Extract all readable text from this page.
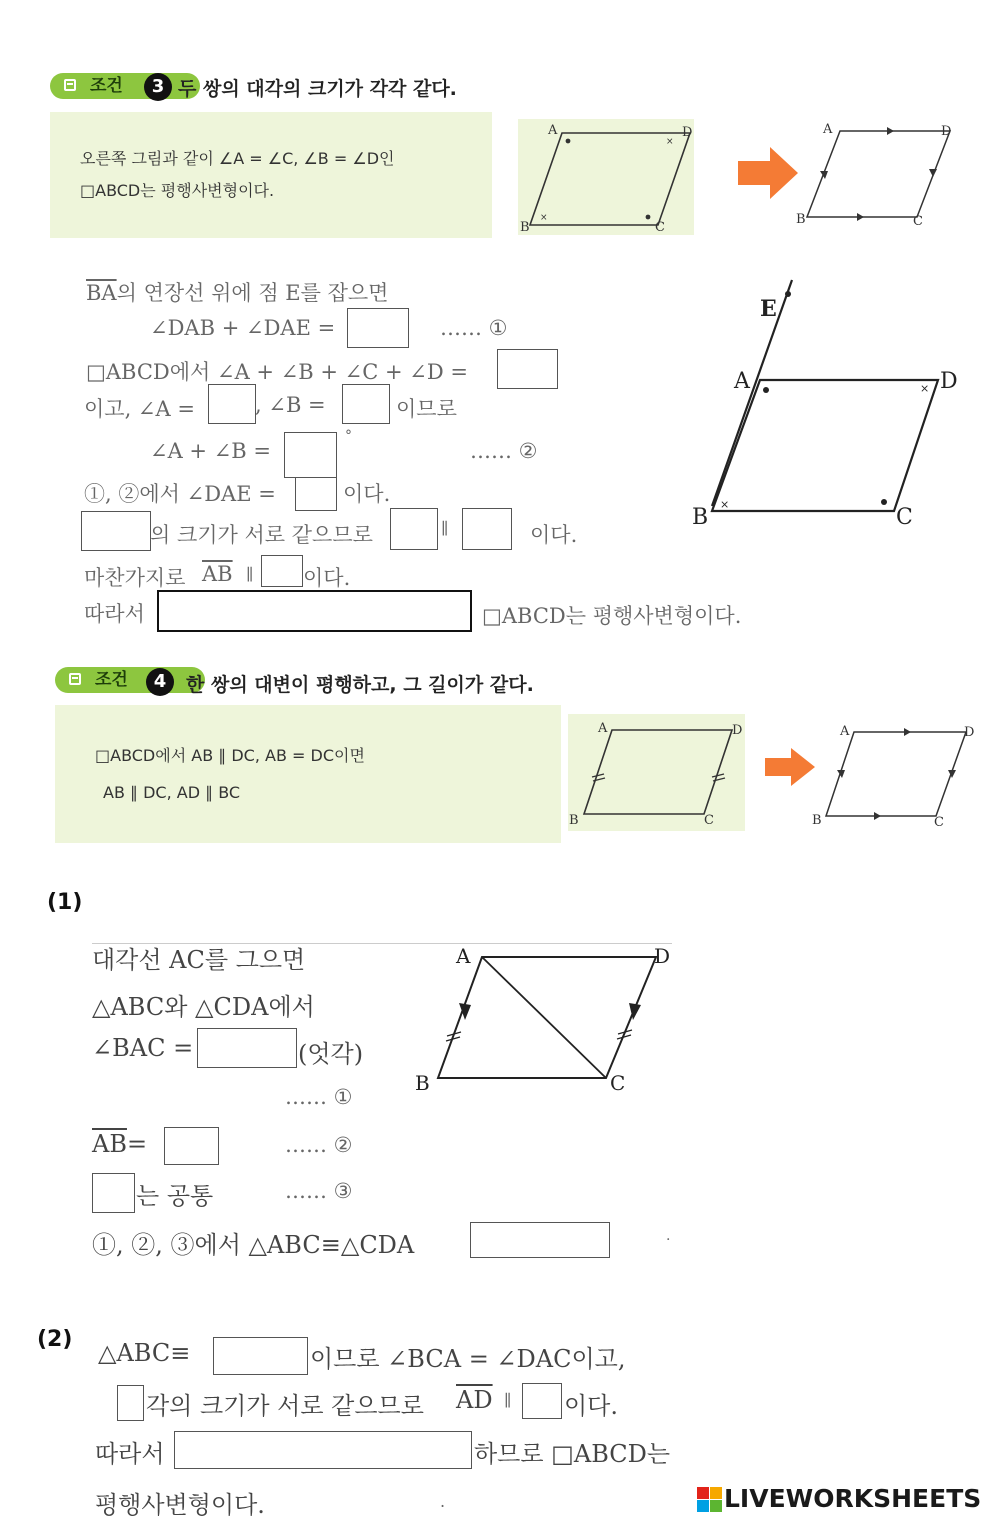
조건	3 두 쌍의 대각의 크기가 각각 같다.
오른쪽 그림과 같이 ∠A = ∠C, ∠B = ∠D인
□ABCD는 평행사변형이다.
×
×
A	D
B	C
A	D
B	C
$\overline{BA}$의 연장선 위에 점 E를 잡으면
∠DAB + ∠DAE =	…… ①
□ABCD에서 ∠A + ∠B + ∠C + ∠D =
이고, ∠A =	, ∠B =	이므로
∠A + ∠B =
°
…… ②
①, ②에서 ∠DAE =	이다.
의 크기가 서로 같으므로	∥	이다.
마찬가지로 $\overline{AB}$ ∥ 이다.
따라서	□ABCD는 평행사변형이다.
×
×
E
A	D
B	C
조건	4	한 쌍의 대변이 평행하고, 그 길이가 같다.
□ABCD에서 AB ∥ DC, AB = DC이면
AB ∥ DC, AD ∥ BC
A	D
B	C
A	D
B	C
(1)
대각선 AC를 그으면
△ABC와 △CDA에서
∠BAC =	(엇각)
…… ①
$\overline{AB}=$	…… ②
는 공통	…… ③
①, ②, ③에서 △ABC≡△CDA	.
A	D
B	C
(2) △ABC≡	이므로 ∠BCA = ∠DAC이고,
각의 크기가 서로 같으므로 $\overline{AD}$ ∥ 이다.
따라서	하므로 □ABCD는
평행사변형이다.	.	LIVEWORKSHEETS
